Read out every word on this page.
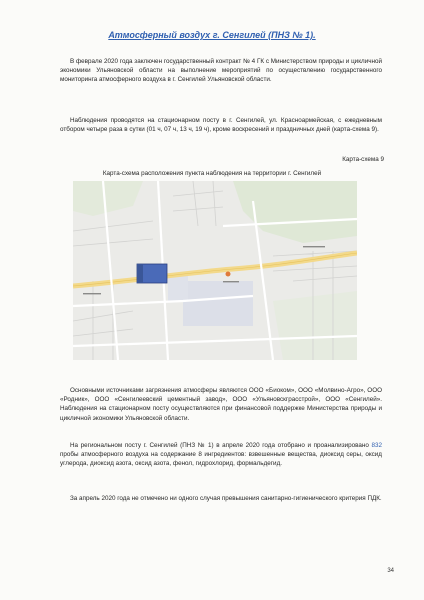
Атмосферный воздух г. Сенгилей (ПНЗ № 1).
В феврале 2020 года заключен государственный контракт № 4 ГК с Министерством природы и цикличной экономики Ульяновской области на выполнение мероприятий по осуществлению государственного мониторинга атмосферного воздуха в г. Сенгилей Ульяновской области.
Наблюдения проводятся на стационарном посту в г. Сенгилей, ул. Красноармейская, с ежедневным отбором четыре раза в сутки (01 ч, 07 ч, 13 ч, 19 ч), кроме воскресений и праздничных дней (карта-схема 9).
Карта-схема 9
Карта-схема расположения пункта наблюдения на территории г. Сенгилей
Основными источниками загрязнения атмосферы являются ООО «Биоком», ООО «Молвино-Агро», ООО «Родник», ООО «Сенгилеевский цементный завод», ООО «Ульяновскграсстрой», ООО «Сенгилей». Наблюдения на стационарном посту осуществляются при финансовой поддержке Министерства природы и цикличной экономики Ульяновской области.
На региональном посту г. Сенгилей (ПНЗ № 1) в апреле 2020 года отобрано и проанализировано 832 пробы атмосферного воздуха на содержание 8 ингредиентов: взвешенные вещества, диоксид серы, оксид углерода, диоксид азота, оксид азота, фенол, гидрохлорид, формальдегид.
За апрель 2020 года не отмечено ни одного случая превышения санитарно-гигиенического критерия ПДК.
34
